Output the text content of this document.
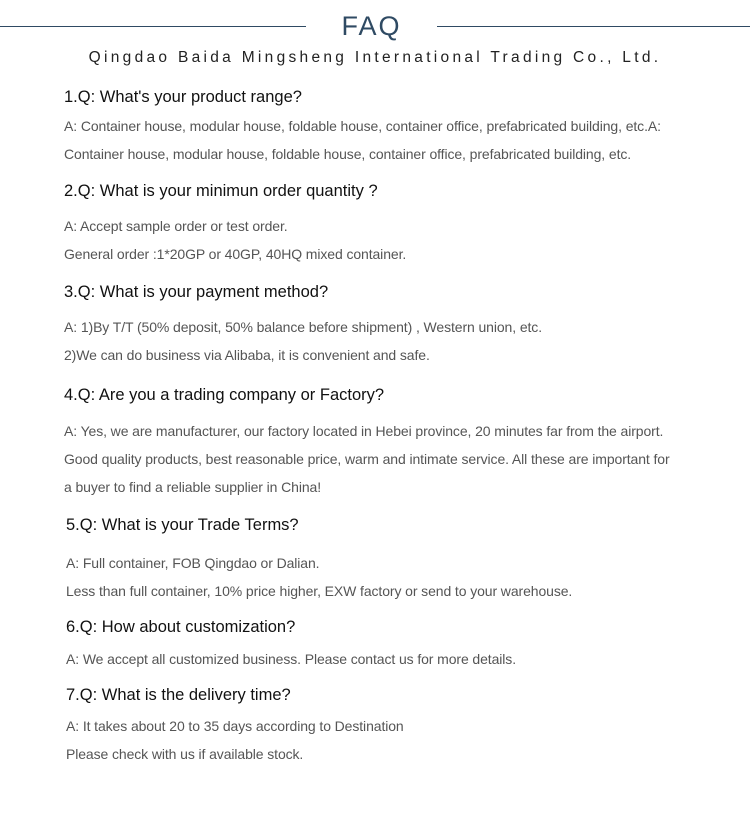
FAQ
Qingdao Baida Mingsheng International Trading Co., Ltd.
1.Q: What's your product range?
A: Container house, modular house, foldable house, container office, prefabricated building, etc.A:
Container house, modular house, foldable house, container office, prefabricated building, etc.
2.Q: What is your minimun order quantity ?
A: Accept sample order or test order.
General order :1*20GP or 40GP, 40HQ mixed container.
3.Q: What is your payment method?
A: 1)By T/T (50% deposit, 50% balance before shipment) , Western union, etc.
2)We can do business via Alibaba, it is convenient and safe.
4.Q: Are you a trading company or Factory?
A: Yes, we are manufacturer, our factory located in Hebei province, 20 minutes far from the airport.
Good quality products, best reasonable price, warm and intimate service. All these are important for
a buyer to find a reliable supplier in China!
5.Q: What is your Trade Terms?
A: Full container, FOB Qingdao or Dalian.
Less than full container, 10% price higher, EXW factory or send to your warehouse.
6.Q: How about customization?
A: We accept all customized business. Please contact us for more details.
7.Q: What is the delivery time?
A: It takes about 20 to 35 days according to Destination
Please check with us if available stock.
